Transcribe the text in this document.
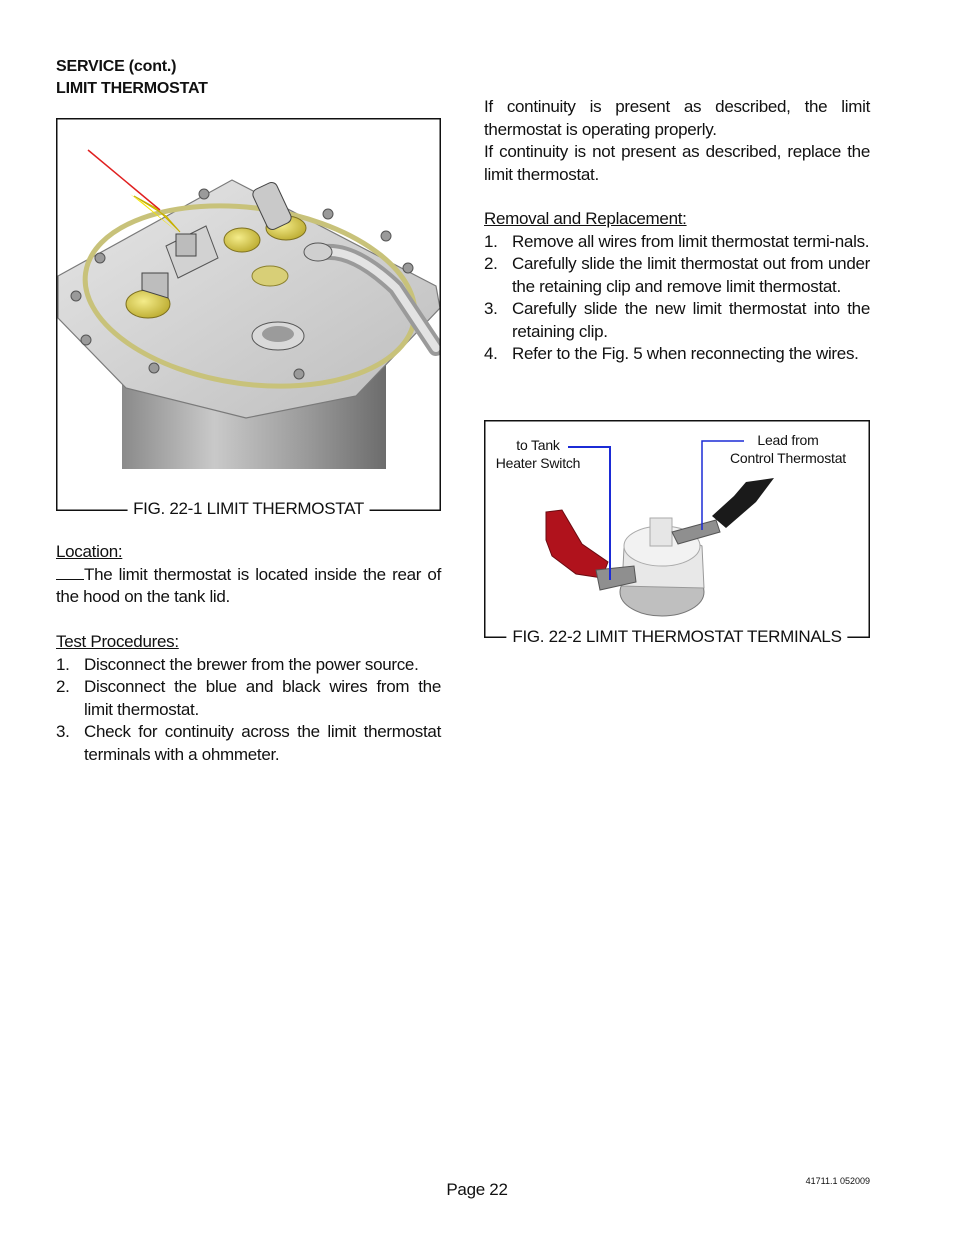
SERVICE (cont.)
LIMIT THERMOSTAT
FIG. 22-1 LIMIT THERMOSTAT
Location:
The limit thermostat is located inside the rear of the hood on the tank lid.
Test Procedures:
1. Disconnect the brewer from the power source.
2. Disconnect the blue and black wires from the limit thermostat.
3. Check for continuity across the limit thermostat terminals with a ohmmeter.
If continuity is present as described, the limit thermostat is operating properly.
If continuity is not present as described, replace the limit thermostat.
Removal and Replacement:
1. Remove all wires from limit thermostat termi-nals.
2. Carefully slide the limit thermostat out from under the retaining clip and remove limit thermostat.
3. Carefully slide the new limit thermostat into the retaining clip.
4. Refer to the Fig. 5 when reconnecting the wires.
to Tank
Heater Switch
Lead from
Control Thermostat
FIG. 22-2 LIMIT THERMOSTAT TERMINALS
Page 22	41711.1 052009
